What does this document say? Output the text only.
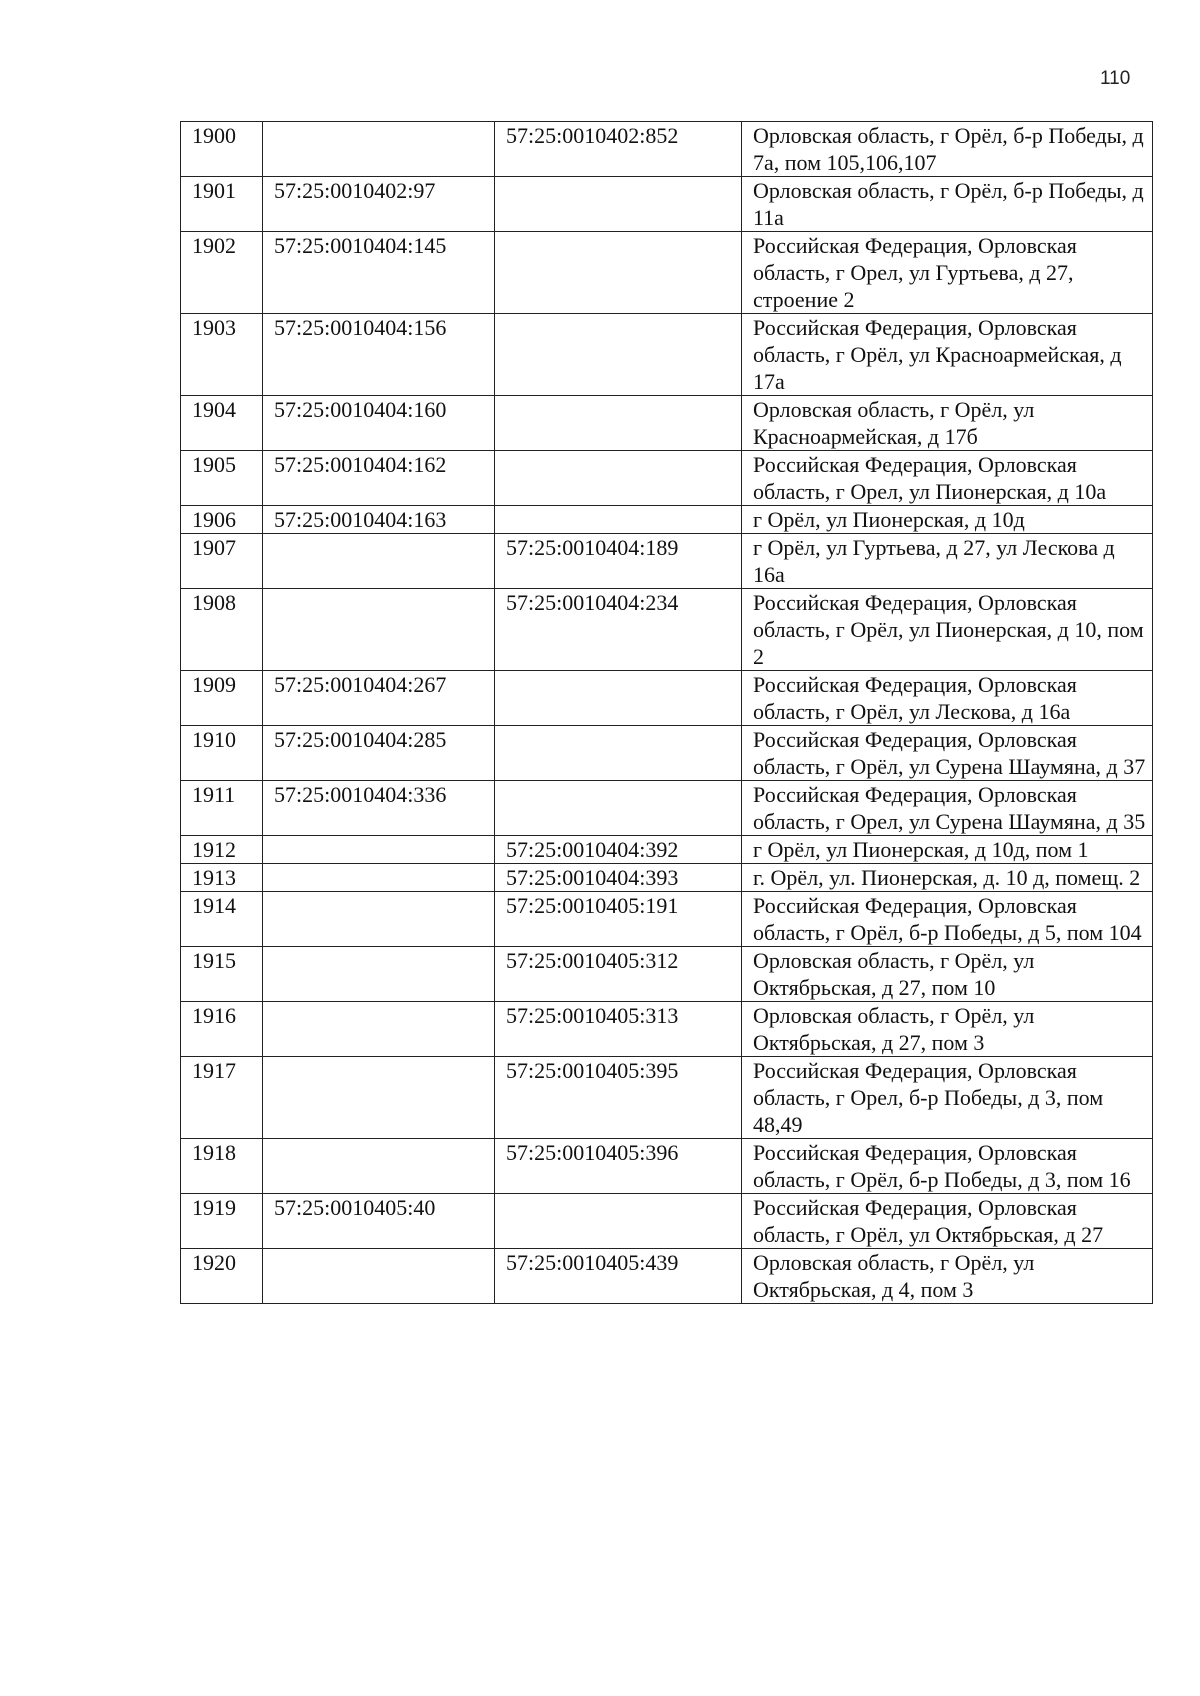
110
1900		57:25:0010402:852	Орловская область, г Орёл, б-р Победы, д 7а, пом 105,106,107
1901	57:25:0010402:97		Орловская область, г Орёл, б-р Победы, д 11а
1902	57:25:0010404:145		Российская Федерация, Орловская область, г Орел, ул Гуртьева, д 27, строение 2
1903	57:25:0010404:156		Российская Федерация, Орловская область, г Орёл, ул Красноармейская, д 17а
1904	57:25:0010404:160		Орловская область, г Орёл, ул Красноармейская, д 17б
1905	57:25:0010404:162		Российская Федерация, Орловская область, г Орел, ул Пионерская, д 10а
1906	57:25:0010404:163		г Орёл, ул Пионерская, д 10д
1907		57:25:0010404:189	г Орёл, ул Гуртьева, д 27, ул Лескова д 16а
1908		57:25:0010404:234	Российская Федерация, Орловская область, г Орёл, ул Пионерская, д 10, пом 2
1909	57:25:0010404:267		Российская Федерация, Орловская область, г Орёл, ул Лескова, д 16а
1910	57:25:0010404:285		Российская Федерация, Орловская область, г Орёл, ул Сурена Шаумяна, д 37
1911	57:25:0010404:336		Российская Федерация, Орловская область, г Орел, ул Сурена Шаумяна, д 35
1912		57:25:0010404:392	г Орёл, ул Пионерская, д 10д, пом 1
1913		57:25:0010404:393	г. Орёл, ул. Пионерская, д. 10 д, помещ. 2
1914		57:25:0010405:191	Российская Федерация, Орловская область, г Орёл, б-р Победы, д 5, пом 104
1915		57:25:0010405:312	Орловская область, г Орёл, ул Октябрьская, д 27, пом 10
1916		57:25:0010405:313	Орловская область, г Орёл, ул Октябрьская, д 27, пом 3
1917		57:25:0010405:395	Российская Федерация, Орловская область, г Орел, б-р Победы, д 3, пом 48,49
1918		57:25:0010405:396	Российская Федерация, Орловская область, г Орёл, б-р Победы, д 3, пом 16
1919	57:25:0010405:40		Российская Федерация, Орловская область, г Орёл, ул Октябрьская, д 27
1920		57:25:0010405:439	Орловская область, г Орёл, ул Октябрьская, д 4, пом 3
